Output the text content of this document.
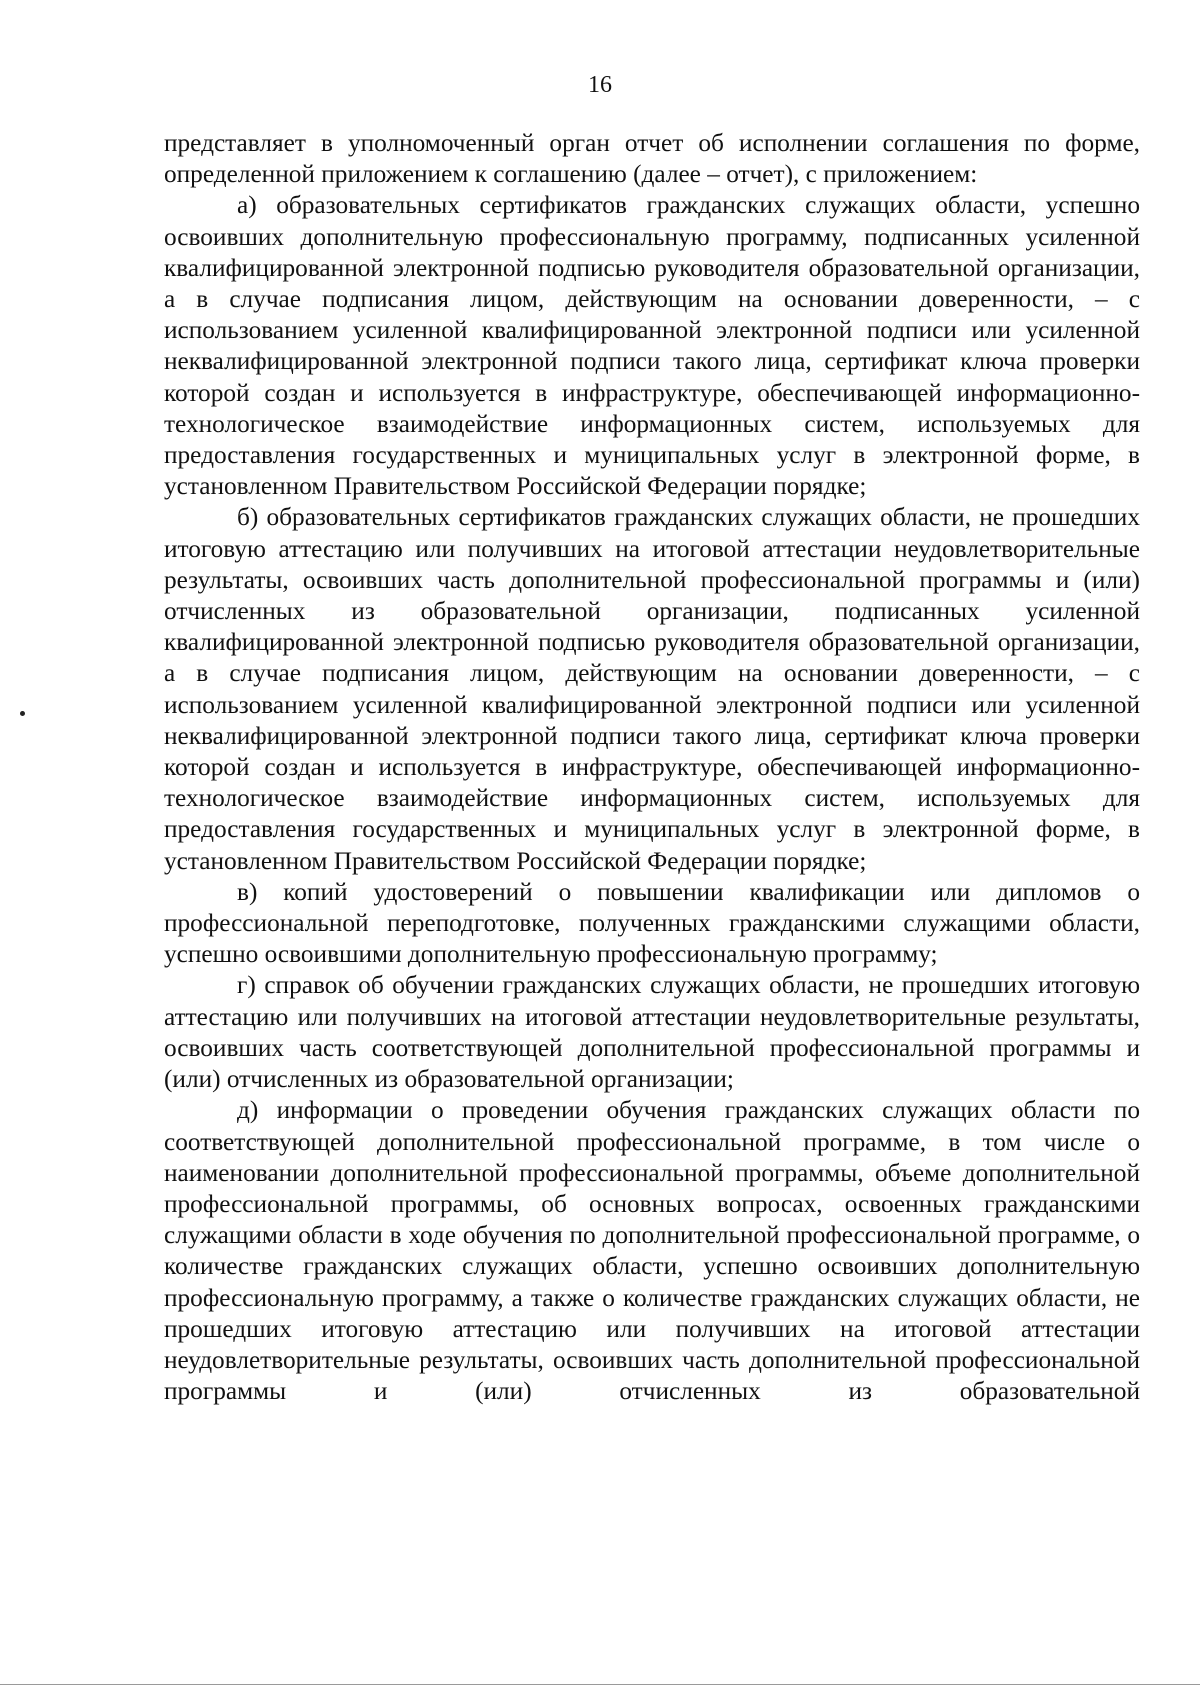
16

представляет в уполномоченный орган отчет об исполнении соглашения по форме, определенной приложением к соглашению (далее – отчет), с приложением:

а) образовательных сертификатов гражданских служащих области, успешно освоивших дополнительную профессиональную программу, подписанных усиленной квалифицированной электронной подписью руководителя образовательной организации, а в случае подписания лицом, действующим на основании доверенности, – с использованием усиленной квалифицированной электронной подписи или усиленной неквалифицированной электронной подписи такого лица, сертификат ключа проверки которой создан и используется в инфраструктуре, обеспечивающей информационно-технологическое взаимодействие информационных систем, используемых для предоставления государственных и муниципальных услуг в электронной форме, в установленном Правительством Российской Федерации порядке;

б) образовательных сертификатов гражданских служащих области, не прошедших итоговую аттестацию или получивших на итоговой аттестации неудовлетворительные результаты, освоивших часть дополнительной профессиональной программы и (или) отчисленных из образовательной организации, подписанных усиленной квалифицированной электронной подписью руководителя образовательной организации, а в случае подписания лицом, действующим на основании доверенности, – с использованием усиленной квалифицированной электронной подписи или усиленной неквалифицированной электронной подписи такого лица, сертификат ключа проверки которой создан и используется в инфраструктуре, обеспечивающей информационно-технологическое взаимодействие информационных систем, используемых для предоставления государственных и муниципальных услуг в электронной форме, в установленном Правительством Российской Федерации порядке;

в) копий удостоверений о повышении квалификации или дипломов о профессиональной переподготовке, полученных гражданскими служащими области, успешно освоившими дополнительную профессиональную программу;

г) справок об обучении гражданских служащих области, не прошедших итоговую аттестацию или получивших на итоговой аттестации неудовлетворительные результаты, освоивших часть соответствующей дополнительной профессиональной программы и (или) отчисленных из образовательной организации;

д) информации о проведении обучения гражданских служащих области по соответствующей дополнительной профессиональной программе, в том числе о наименовании дополнительной профессиональной программы, объеме дополнительной профессиональной программы, об основных вопросах, освоенных гражданскими служащими области в ходе обучения по дополнительной профессиональной программе, о количестве гражданских служащих области, успешно освоивших дополнительную профессиональную программу, а также о количестве гражданских служащих области, не прошедших итоговую аттестацию или получивших на итоговой аттестации неудовлетворительные результаты, освоивших часть дополнительной профессиональной программы и (или) отчисленных из образовательной
